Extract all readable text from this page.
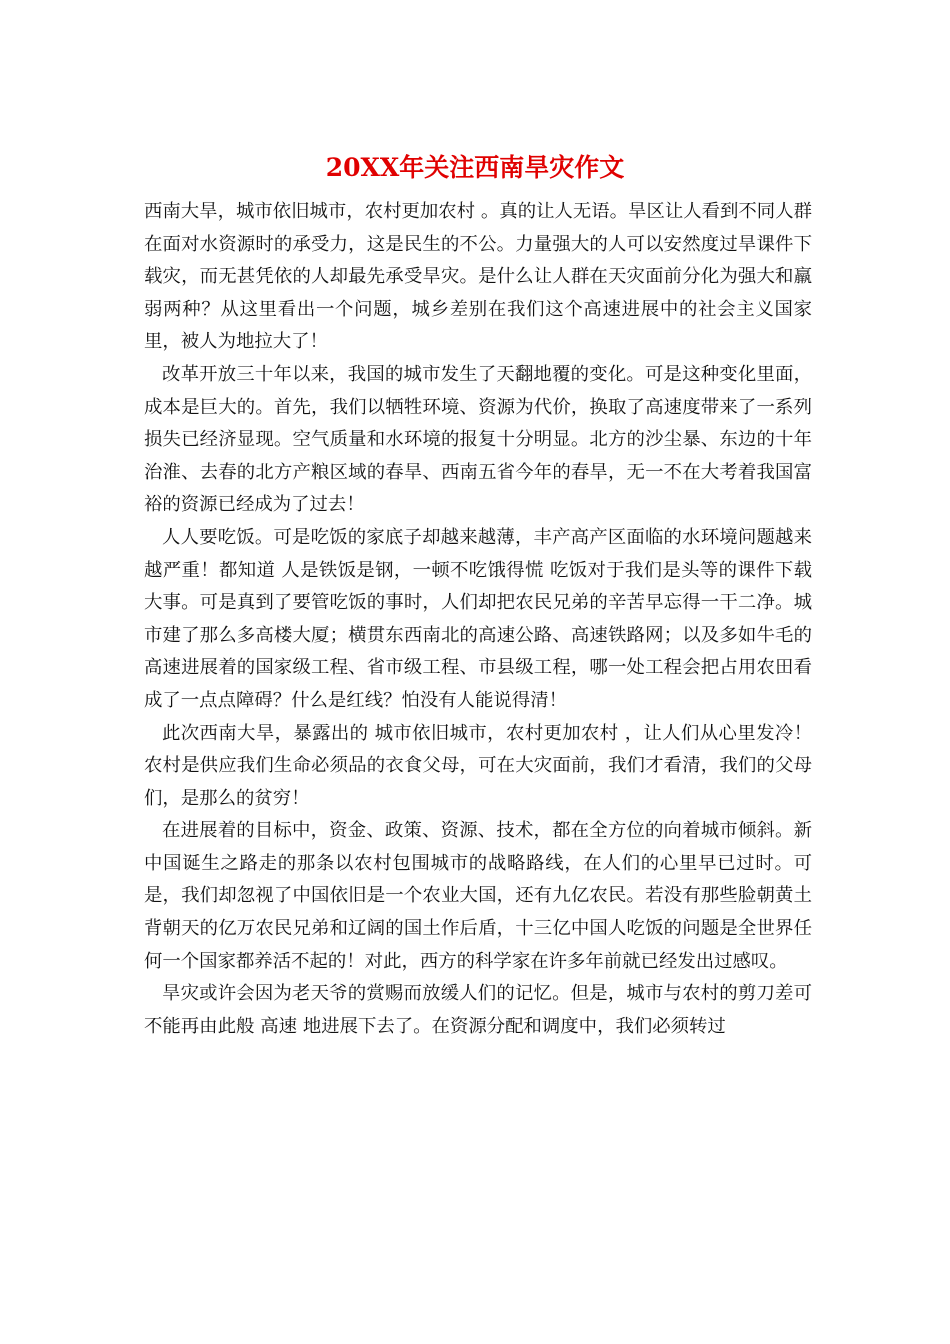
20XX年关注西南旱灾作文

西南大旱，城市依旧城市，农村更加农村 。真的让人无语。旱区让人看到不同人群在面对水资源时的承受力，这是民生的不公。力量强大的人可以安然度过旱课件下载灾，而无甚凭依的人却最先承受旱灾。是什么让人群在天灾面前分化为强大和羸弱两种？从这里看出一个问题，城乡差别在我们这个高速进展中的社会主义国家里，被人为地拉大了！

改革开放三十年以来，我国的城市发生了天翻地覆的变化。可是这种变化里面，成本是巨大的。首先，我们以牺牲环境、资源为代价，换取了高速度带来了一系列损失已经济显现。空气质量和水环境的报复十分明显。北方的沙尘暴、东边的十年治淮、去春的北方产粮区域的春旱、西南五省今年的春旱，无一不在大考着我国富裕的资源已经成为了过去！

人人要吃饭。可是吃饭的家底子却越来越薄，丰产高产区面临的水环境问题越来越严重！都知道 人是铁饭是钢，一顿不吃饿得慌 吃饭对于我们是头等的课件下载大事。可是真到了要管吃饭的事时，人们却把农民兄弟的辛苦早忘得一干二净。城市建了那么多高楼大厦；横贯东西南北的高速公路、高速铁路网；以及多如牛毛的高速进展着的国家级工程、省市级工程、市县级工程，哪一处工程会把占用农田看成了一点点障碍？什么是红线？怕没有人能说得清！

此次西南大旱，暴露出的 城市依旧城市，农村更加农村 ，让人们从心里发冷！农村是供应我们生命必须品的衣食父母，可在大灾面前，我们才看清，我们的父母们，是那么的贫穷！

在进展着的目标中，资金、政策、资源、技术，都在全方位的向着城市倾斜。新中国诞生之路走的那条以农村包围城市的战略路线，在人们的心里早已过时。可是，我们却忽视了中国依旧是一个农业大国，还有九亿农民。若没有那些脸朝黄土背朝天的亿万农民兄弟和辽阔的国土作后盾，十三亿中国人吃饭的问题是全世界任何一个国家都养活不起的！对此，西方的科学家在许多年前就已经发出过感叹。

旱灾或许会因为老天爷的赏赐而放缓人们的记忆。但是，城市与农村的剪刀差可不能再由此般 高速 地进展下去了。在资源分配和调度中，我们必须转过
